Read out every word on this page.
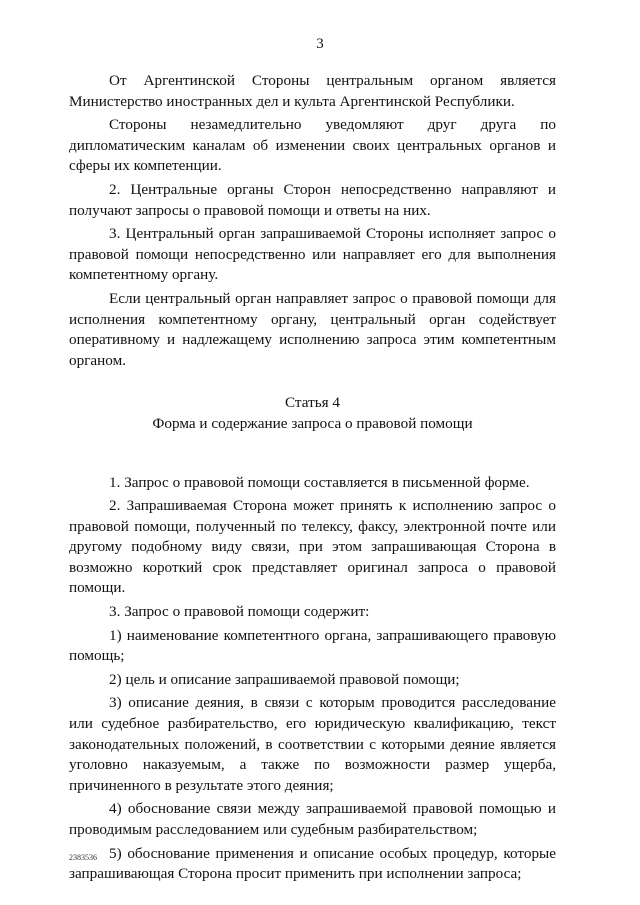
3

От Аргентинской Стороны центральным органом является Министерство иностранных дел и культа Аргентинской Республики.

Стороны незамедлительно уведомляют друг друга по дипломатическим каналам об изменении своих центральных органов и сферы их компетенции.

2. Центральные органы Сторон непосредственно направляют и получают запросы о правовой помощи и ответы на них.

3. Центральный орган запрашиваемой Стороны исполняет запрос о правовой помощи непосредственно или направляет его для выполнения компетентному органу.

Если центральный орган направляет запрос о правовой помощи для исполнения компетентному органу, центральный орган содействует оперативному и надлежащему исполнению запроса этим компетентным органом.

Статья 4
Форма и содержание запроса о правовой помощи

1. Запрос о правовой помощи составляется в письменной форме.

2. Запрашиваемая Сторона может принять к исполнению запрос о правовой помощи, полученный по телексу, факсу, электронной почте или другому подобному виду связи, при этом запрашивающая Сторона в возможно короткий срок представляет оригинал запроса о правовой помощи.

3. Запрос о правовой помощи содержит:

1) наименование компетентного органа, запрашивающего правовую помощь;

2) цель и описание запрашиваемой правовой помощи;

3) описание деяния, в связи с которым проводится расследование или судебное разбирательство, его юридическую квалификацию, текст законодательных положений, в соответствии с которыми деяние является уголовно наказуемым, а также по возможности размер ущерба, причиненного в результате этого деяния;

4) обоснование связи между запрашиваемой правовой помощью и проводимым расследованием или судебным разбирательством;

5) обоснование применения и описание особых процедур, которые запрашивающая Сторона просит применить при исполнении запроса;

2383536
